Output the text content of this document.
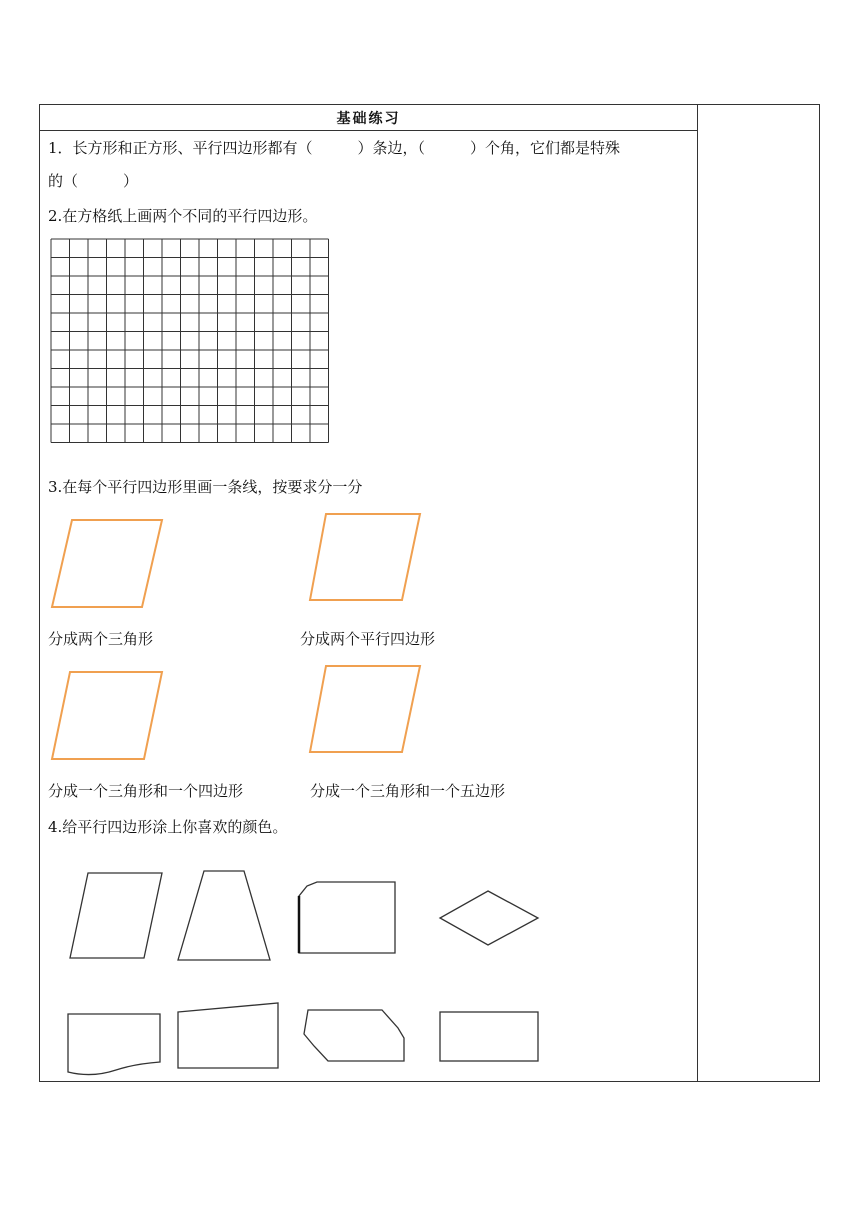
基础练习
1．长方形和正方形、平行四边形都有（　　　）条边，（　　　）个角，它们都是特殊
的（　　　）
2.在方格纸上画两个不同的平行四边形。
3.在每个平行四边形里画一条线，按要求分一分
分成两个三角形	分成两个平行四边形
分成一个三角形和一个四边形	分成一个三角形和一个五边形
4.给平行四边形涂上你喜欢的颜色。
